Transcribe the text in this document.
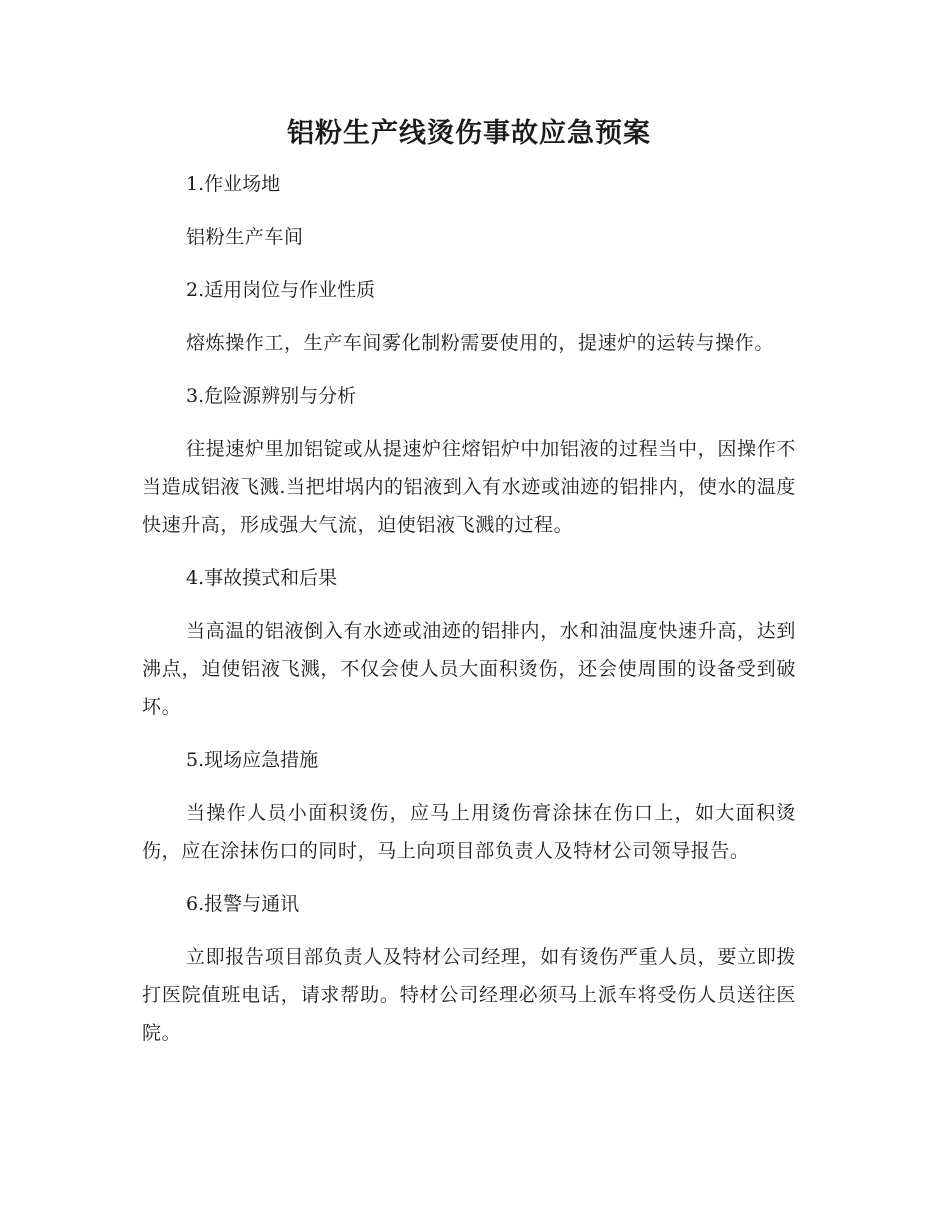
铝粉生产线烫伤事故应急预案

1.作业场地

铝粉生产车间

2.适用岗位与作业性质

熔炼操作工，生产车间雾化制粉需要使用的，提速炉的运转与操作。

3.危险源辨别与分析

往提速炉里加铝锭或从提速炉往熔铝炉中加铝液的过程当中，因操作不当造成铝液飞溅.当把坩埚内的铝液到入有水迹或油迹的铝排内，使水的温度快速升高，形成强大气流，迫使铝液飞溅的过程。

4.事故摸式和后果

当高温的铝液倒入有水迹或油迹的铝排内，水和油温度快速升高，达到沸点，迫使铝液飞溅，不仅会使人员大面积烫伤，还会使周围的设备受到破坏。

5.现场应急措施

当操作人员小面积烫伤，应马上用烫伤膏涂抹在伤口上，如大面积烫伤，应在涂抹伤口的同时，马上向项目部负责人及特材公司领导报告。

6.报警与通讯

立即报告项目部负责人及特材公司经理，如有烫伤严重人员，要立即拨打医院值班电话，请求帮助。特材公司经理必须马上派车将受伤人员送往医院。
